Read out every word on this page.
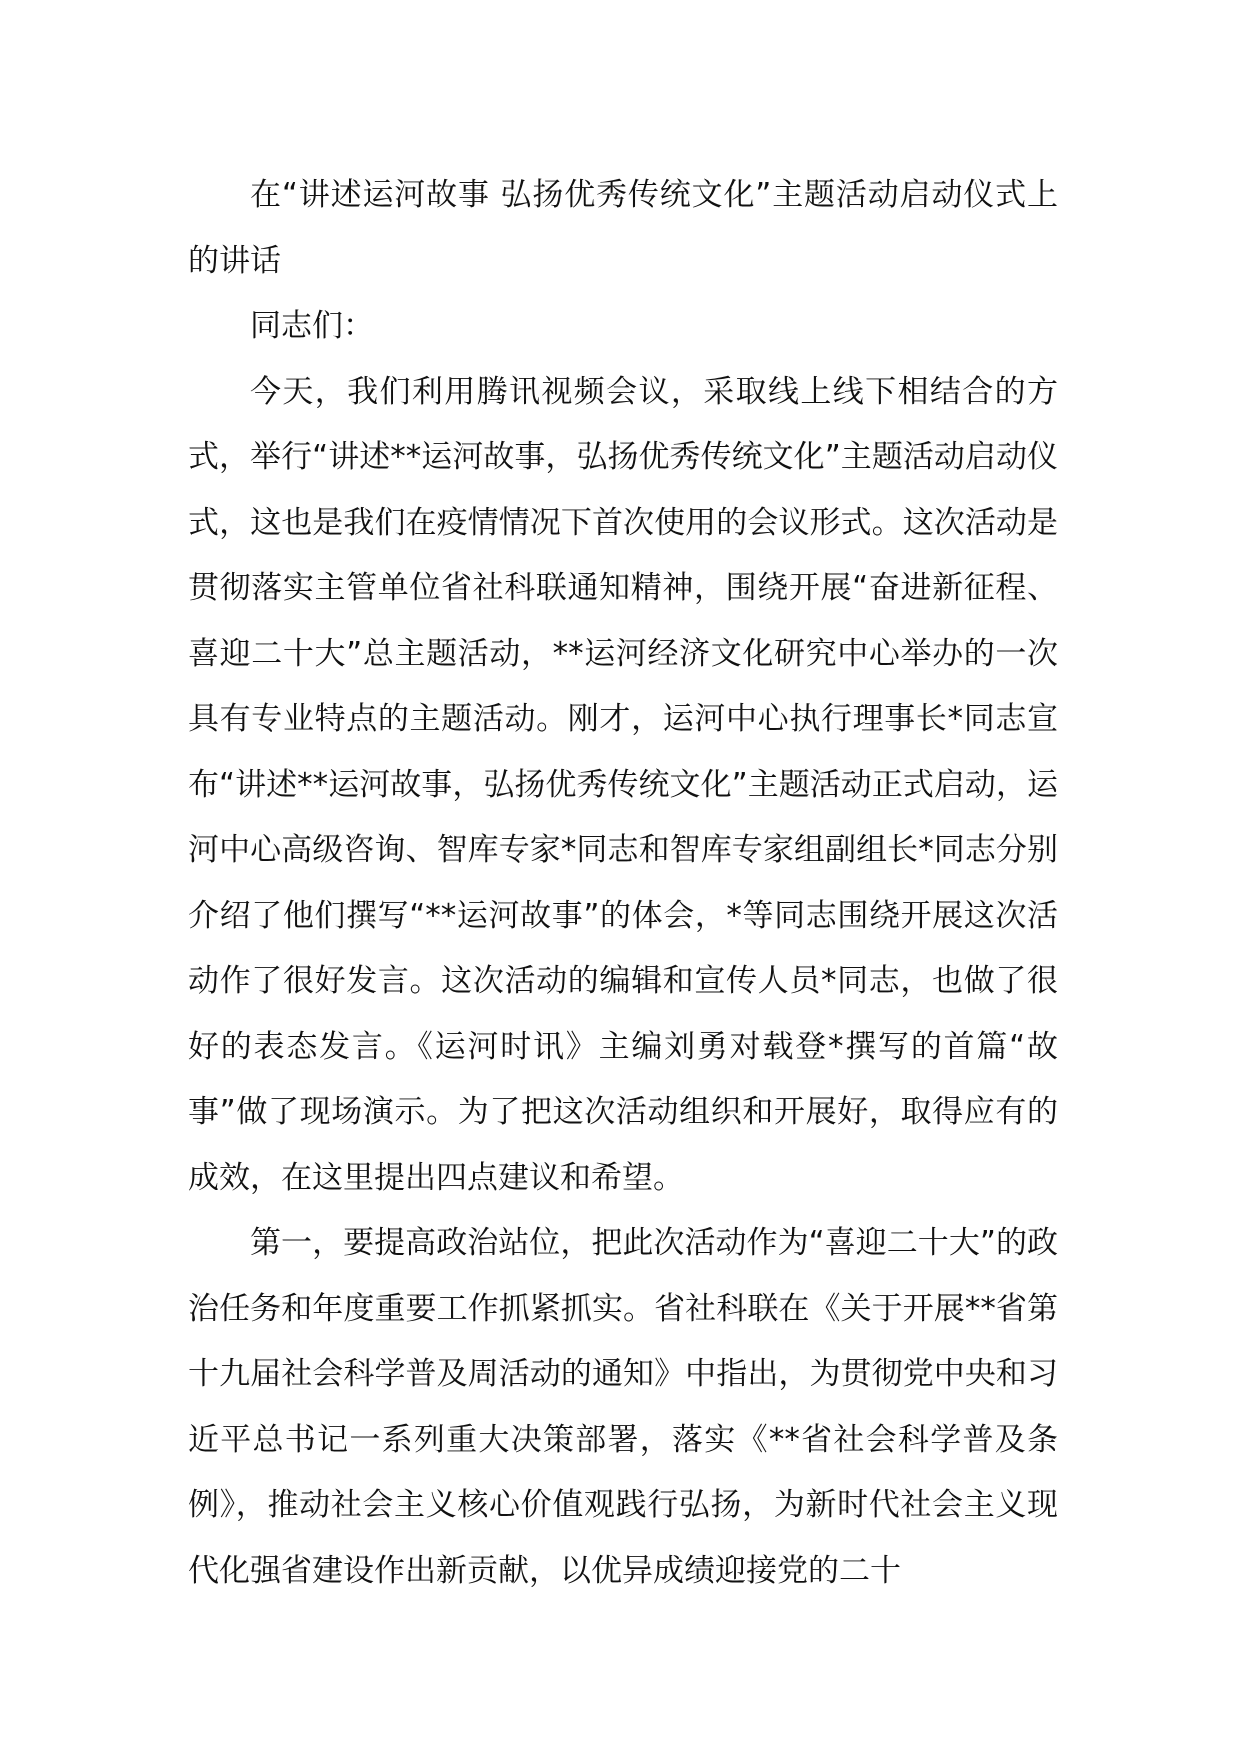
在“讲述运河故事 弘扬优秀传统文化”主题活动启动仪式上的讲话

同志们：

今天，我们利用腾讯视频会议，采取线上线下相结合的方式，举行“讲述**运河故事，弘扬优秀传统文化”主题活动启动仪式，这也是我们在疫情情况下首次使用的会议形式。这次活动是贯彻落实主管单位省社科联通知精神，围绕开展“奋进新征程、喜迎二十大”总主题活动，**运河经济文化研究中心举办的一次具有专业特点的主题活动。刚才，运河中心执行理事长*同志宣布“讲述**运河故事，弘扬优秀传统文化”主题活动正式启动，运河中心高级咨询、智库专家*同志和智库专家组副组长*同志分别介绍了他们撰写“**运河故事”的体会，*等同志围绕开展这次活动作了很好发言。这次活动的编辑和宣传人员*同志，也做了很好的表态发言。《运河时讯》主编刘勇对载登*撰写的首篇“故事”做了现场演示。为了把这次活动组织和开展好，取得应有的成效，在这里提出四点建议和希望。

第一，要提高政治站位，把此次活动作为“喜迎二十大”的政治任务和年度重要工作抓紧抓实。省社科联在《关于开展**省第十九届社会科学普及周活动的通知》中指出，为贯彻党中央和习近平总书记一系列重大决策部署，落实《**省社会科学普及条例》，推动社会主义核心价值观践行弘扬，为新时代社会主义现代化强省建设作出新贡献，以优异成绩迎接党的二十
